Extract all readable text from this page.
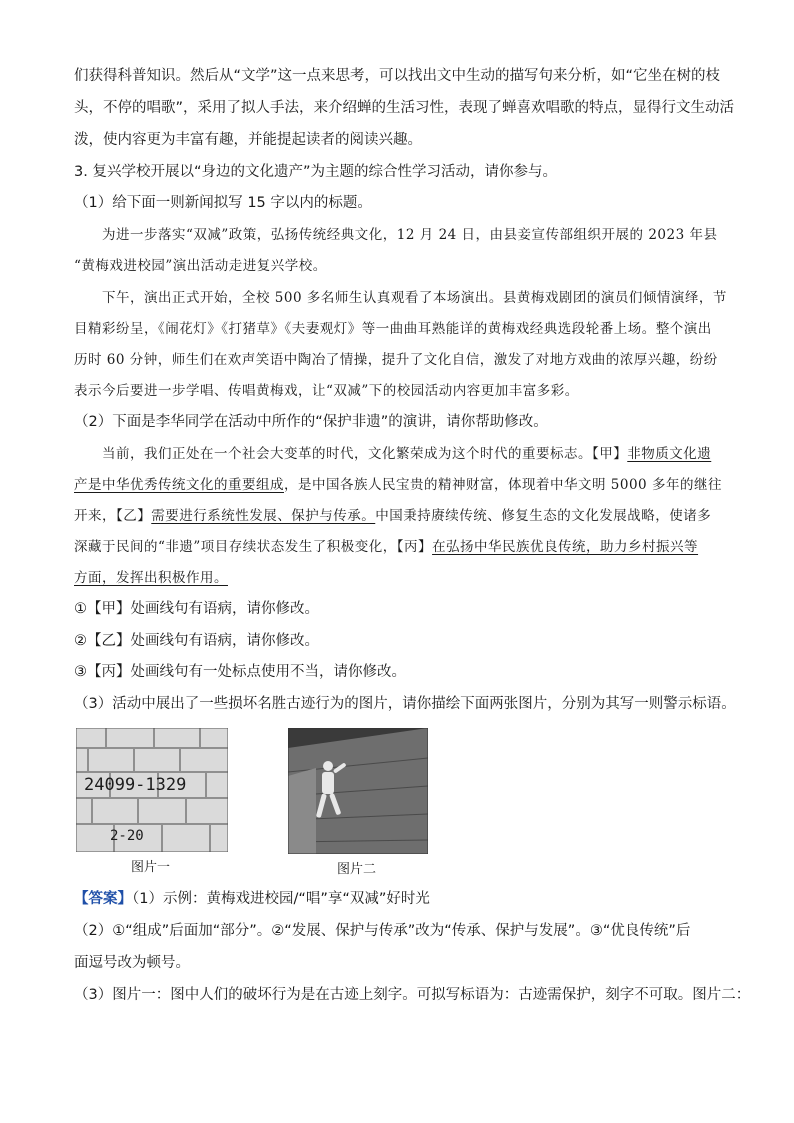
们获得科普知识。然后从“文学”这一点来思考，可以找出文中生动的描写句来分析，如“它坐在树的枝
头，不停的唱歌”，采用了拟人手法，来介绍蝉的生活习性，表现了蝉喜欢唱歌的特点，显得行文生动活
泼，使内容更为丰富有趣，并能提起读者的阅读兴趣。
3. 复兴学校开展以“身边的文化遗产”为主题的综合性学习活动，请你参与。
（1）给下面一则新闻拟写 15 字以内的标题。
为进一步落实“双减”政策，弘扬传统经典文化，12 月 24 日，由县妾宣传部组织开展的 2023 年县
“黄梅戏进校园”演出活动走进复兴学校。
下午，演出正式开始，全校 500 多名师生认真观看了本场演出。县黄梅戏剧团的演员们倾情演绎，节
目精彩纷呈，《闹花灯》《打猪草》《夫妻观灯》等一曲曲耳熟能详的黄梅戏经典选段轮番上场。整个演出
历时 60 分钟，师生们在欢声笑语中陶冶了情操，提升了文化自信，激发了对地方戏曲的浓厚兴趣，纷纷
表示今后要进一步学唱、传唱黄梅戏，让“双减”下的校园活动内容更加丰富多彩。
（2）下面是李华同学在活动中所作的“保护非遗”的演讲，请你帮助修改。
当前，我们正处在一个社会大变革的时代，文化繁荣成为这个时代的重要标志。【甲】非物质文化遗
产是中华优秀传统文化的重要组成，是中国各族人民宝贵的精神财富，体现着中华文明 5000 多年的继往
开来，【乙】需要进行系统性发展、保护与传承。中国秉持赓续传统、修复生态的文化发展战略，使诸多
深藏于民间的“非遗”项目存续状态发生了积极变化，【丙】在弘扬中华民族优良传统，助力乡村振兴等
方面，发挥出积极作用。
①【甲】处画线句有语病，请你修改。
②【乙】处画线句有语病，请你修改。
③【丙】处画线句有一处标点使用不当，请你修改。
（3）活动中展出了一些损坏名胜古迹行为的图片，请你描绘下面两张图片，分别为其写一则警示标语。
24099-1329
2-20
图片一	图片二
【答案】（1）示例：黄梅戏进校园/“唱”享“双减”好时光
（2）①“组成”后面加“部分”。②“发展、保护与传承”改为“传承、保护与发展”。③“优良传统”后
面逗号改为顿号。
（3）图片一：图中人们的破坏行为是在古迹上刻字。可拟写标语为：古迹需保护，刻字不可取。图片二：
